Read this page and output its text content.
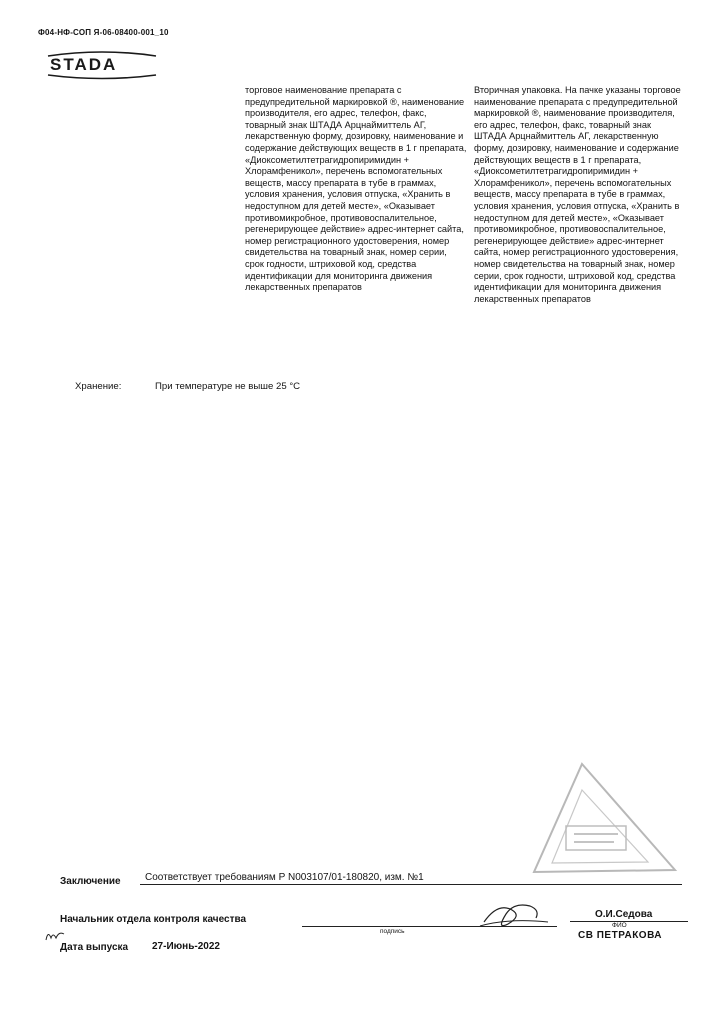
Ф04-НФ-СОП Я-06-08400-001_10
STADA
торговое наименование препарата с предупредительной маркировкой ®, наименование производителя, его адрес, телефон, факс, товарный знак ШТАДА Арцнаймиттель АГ, лекарственную форму, дозировку, наименование и содержание действующих веществ в 1 г препарата, «Диоксометилтетрагидропиримидин + Хлорамфеникол», перечень вспомогательных веществ, массу препарата в тубе в граммах, условия хранения, условия отпуска, «Хранить в недоступном для детей месте», «Оказывает противомикробное, противовоспалительное, регенерирующее действие» адрес-интернет сайта, номер регистрационного удостоверения, номер свидетельства на товарный знак, номер серии, срок годности, штриховой код, средства идентификации для мониторинга движения лекарственных препаратов
Вторичная упаковка. На пачке указаны торговое наименование препарата с предупредительной маркировкой ®, наименование производителя, его адрес, телефон, факс, товарный знак ШТАДА Арцнаймиттель АГ, лекарственную форму, дозировку, наименование и содержание действующих веществ в 1 г препарата, «Диоксометилтетрагидропиримидин + Хлорамфеникол», перечень вспомогательных веществ, массу препарата в тубе в граммах, условия хранения, условия отпуска, «Хранить в недоступном для детей месте», «Оказывает противомикробное, противовоспалительное, регенерирующее действие» адрес-интернет сайта, номер регистрационного удостоверения, номер свидетельства на товарный знак, номер серии, срок годности, штриховой код, средства идентификации для мониторинга движения лекарственных препаратов
Хранение:	При температуре не выше 25 °С
Заключение Соответствует требованиям Р N003107/01-180820, изм. №1
Начальник отдела контроля качества
подпись
О.И.Седова
ФИО
СВ ПЕТРАКОВА
Дата выпуска 27-Июнь-2022
